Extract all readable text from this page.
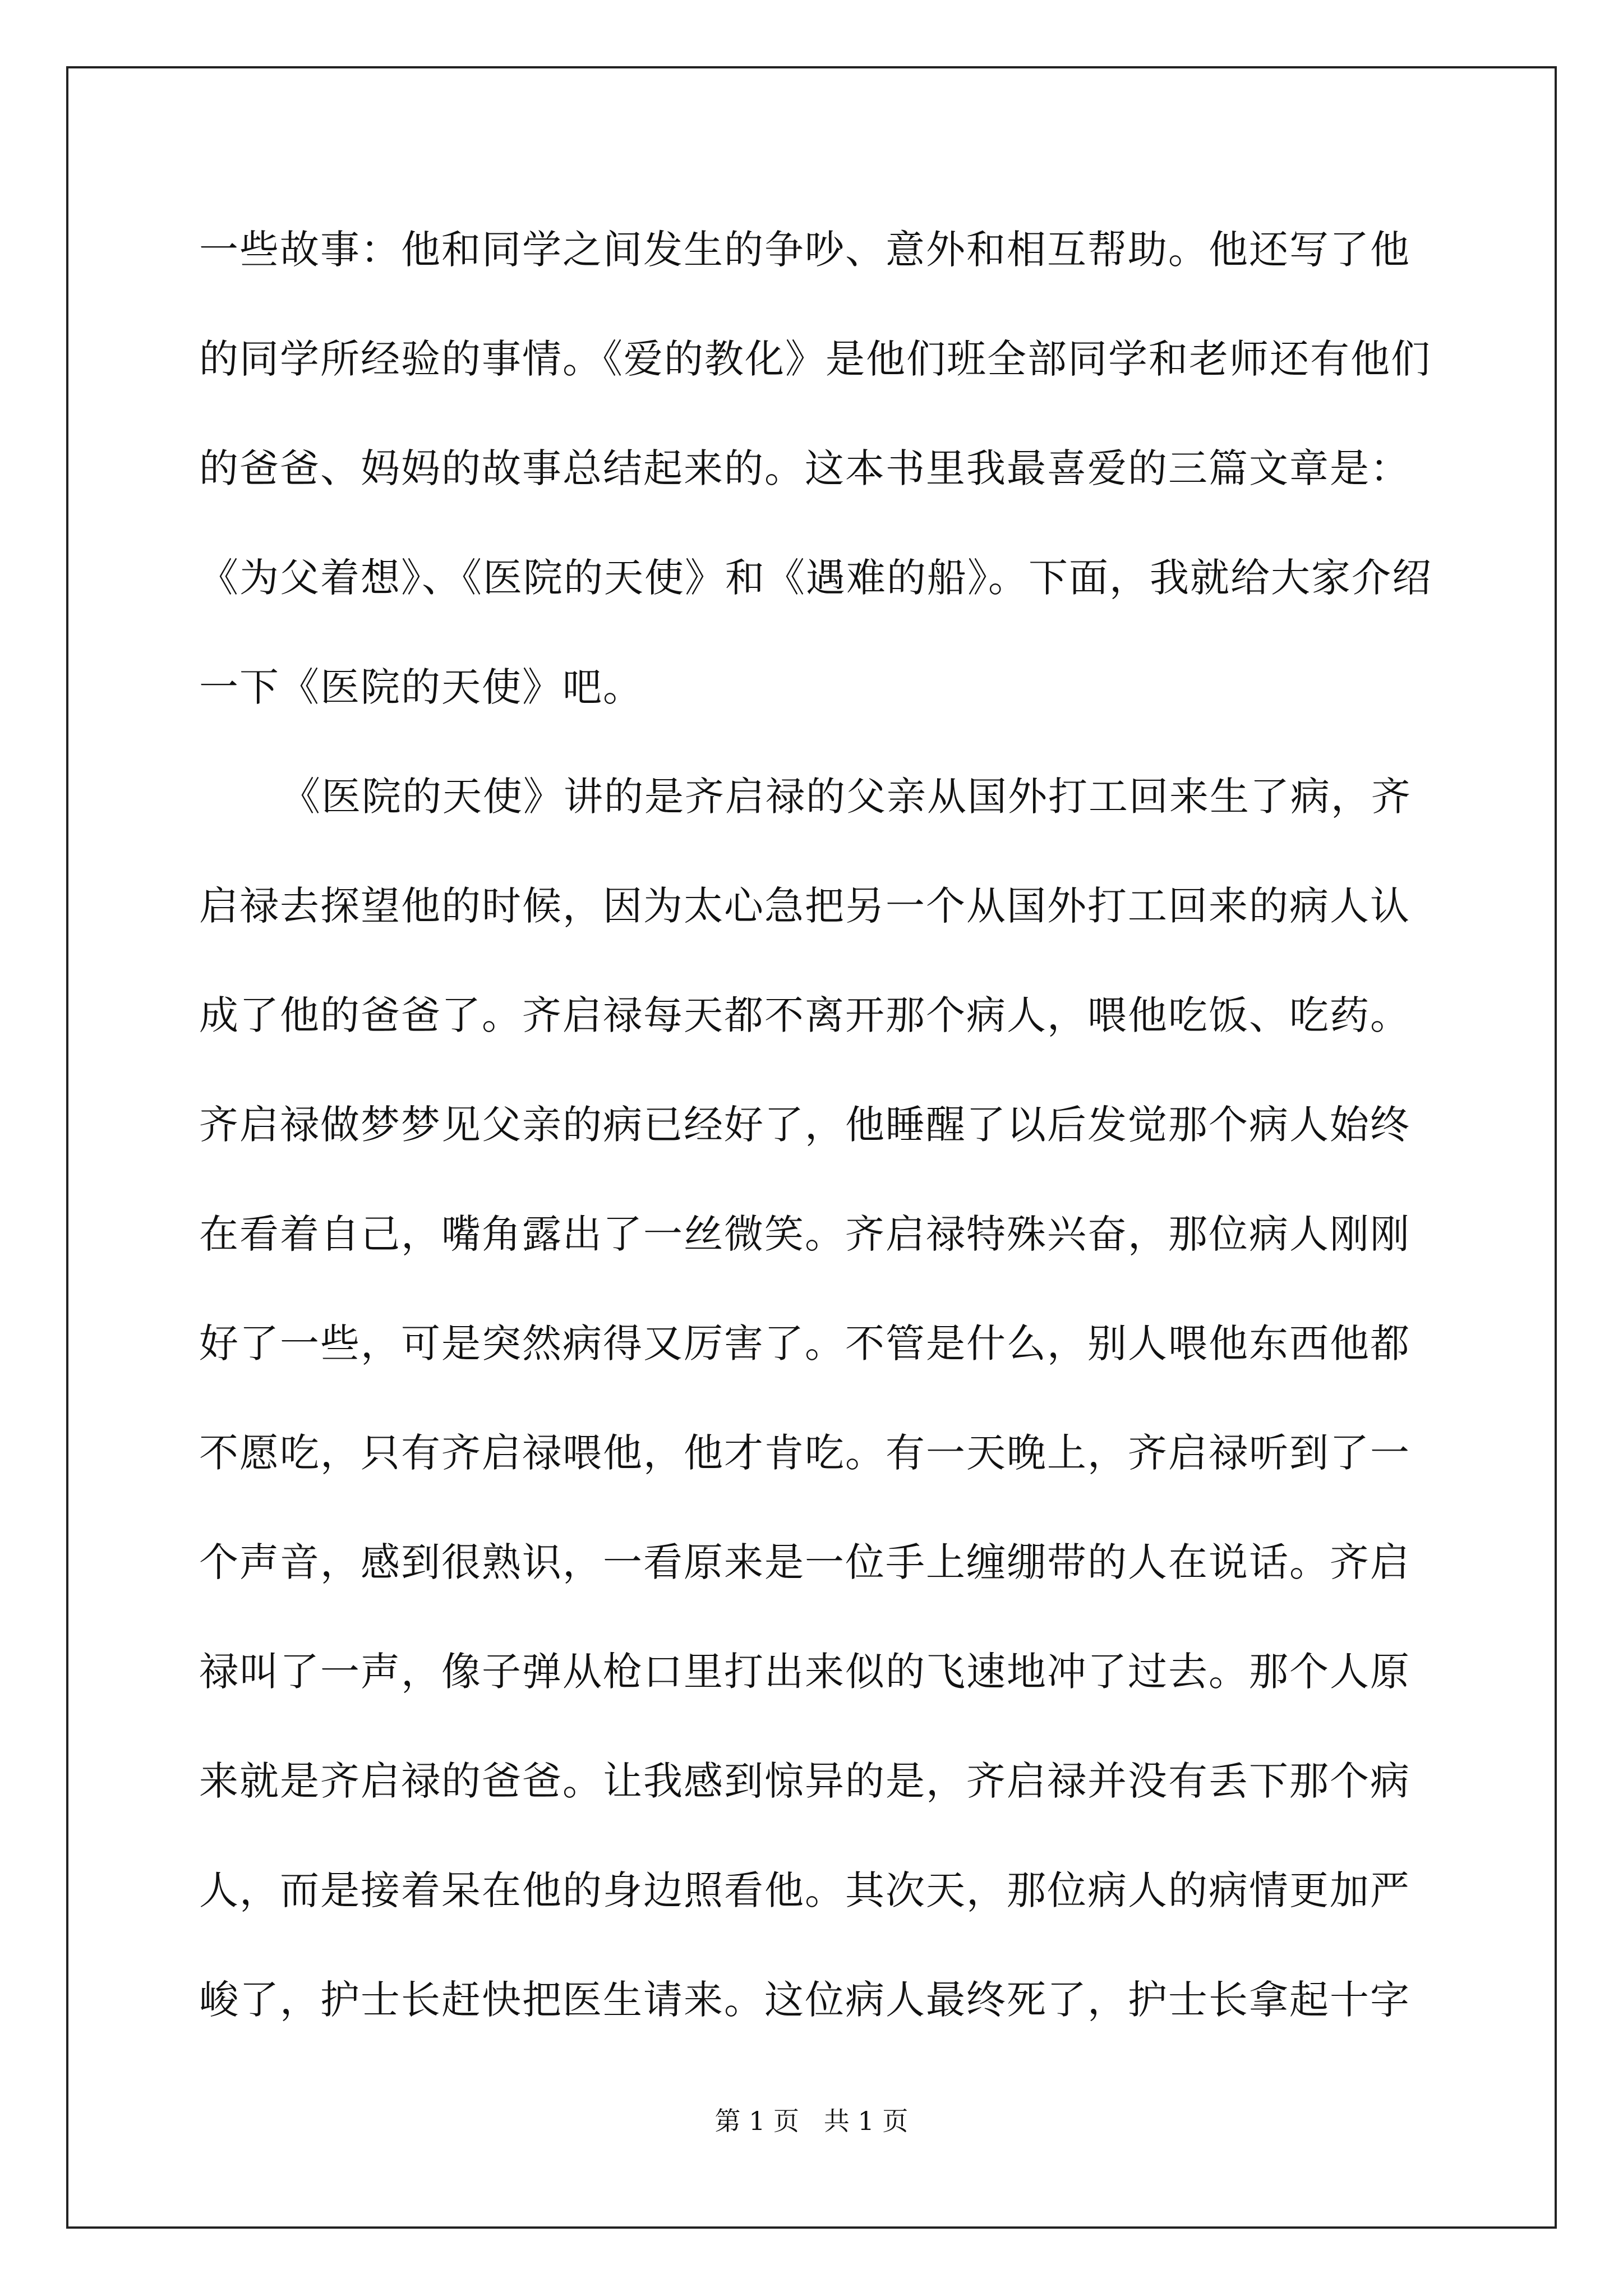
一些故事：他和同学之间发生的争吵、意外和相互帮助。他还写了他
的同学所经验的事情。《爱的教化》是他们班全部同学和老师还有他们
的爸爸、妈妈的故事总结起来的。这本书里我最喜爱的三篇文章是：
《为父着想》、《医院的天使》和《遇难的船》。下面，我就给大家介绍
一下《医院的天使》吧。
《医院的天使》讲的是齐启禄的父亲从国外打工回来生了病，齐
启禄去探望他的时候，因为太心急把另一个从国外打工回来的病人认
成了他的爸爸了。齐启禄每天都不离开那个病人，喂他吃饭、吃药。
齐启禄做梦梦见父亲的病已经好了，他睡醒了以后发觉那个病人始终
在看着自己，嘴角露出了一丝微笑。齐启禄特殊兴奋，那位病人刚刚
好了一些，可是突然病得又厉害了。不管是什么，别人喂他东西他都
不愿吃，只有齐启禄喂他，他才肯吃。有一天晚上，齐启禄听到了一
个声音，感到很熟识，一看原来是一位手上缠绷带的人在说话。齐启
禄叫了一声，像子弹从枪口里打出来似的飞速地冲了过去。那个人原
来就是齐启禄的爸爸。让我感到惊异的是，齐启禄并没有丢下那个病
人，而是接着呆在他的身边照看他。其次天，那位病人的病情更加严
峻了，护士长赶快把医生请来。这位病人最终死了，护士长拿起十字
第 1 页   共 1 页
